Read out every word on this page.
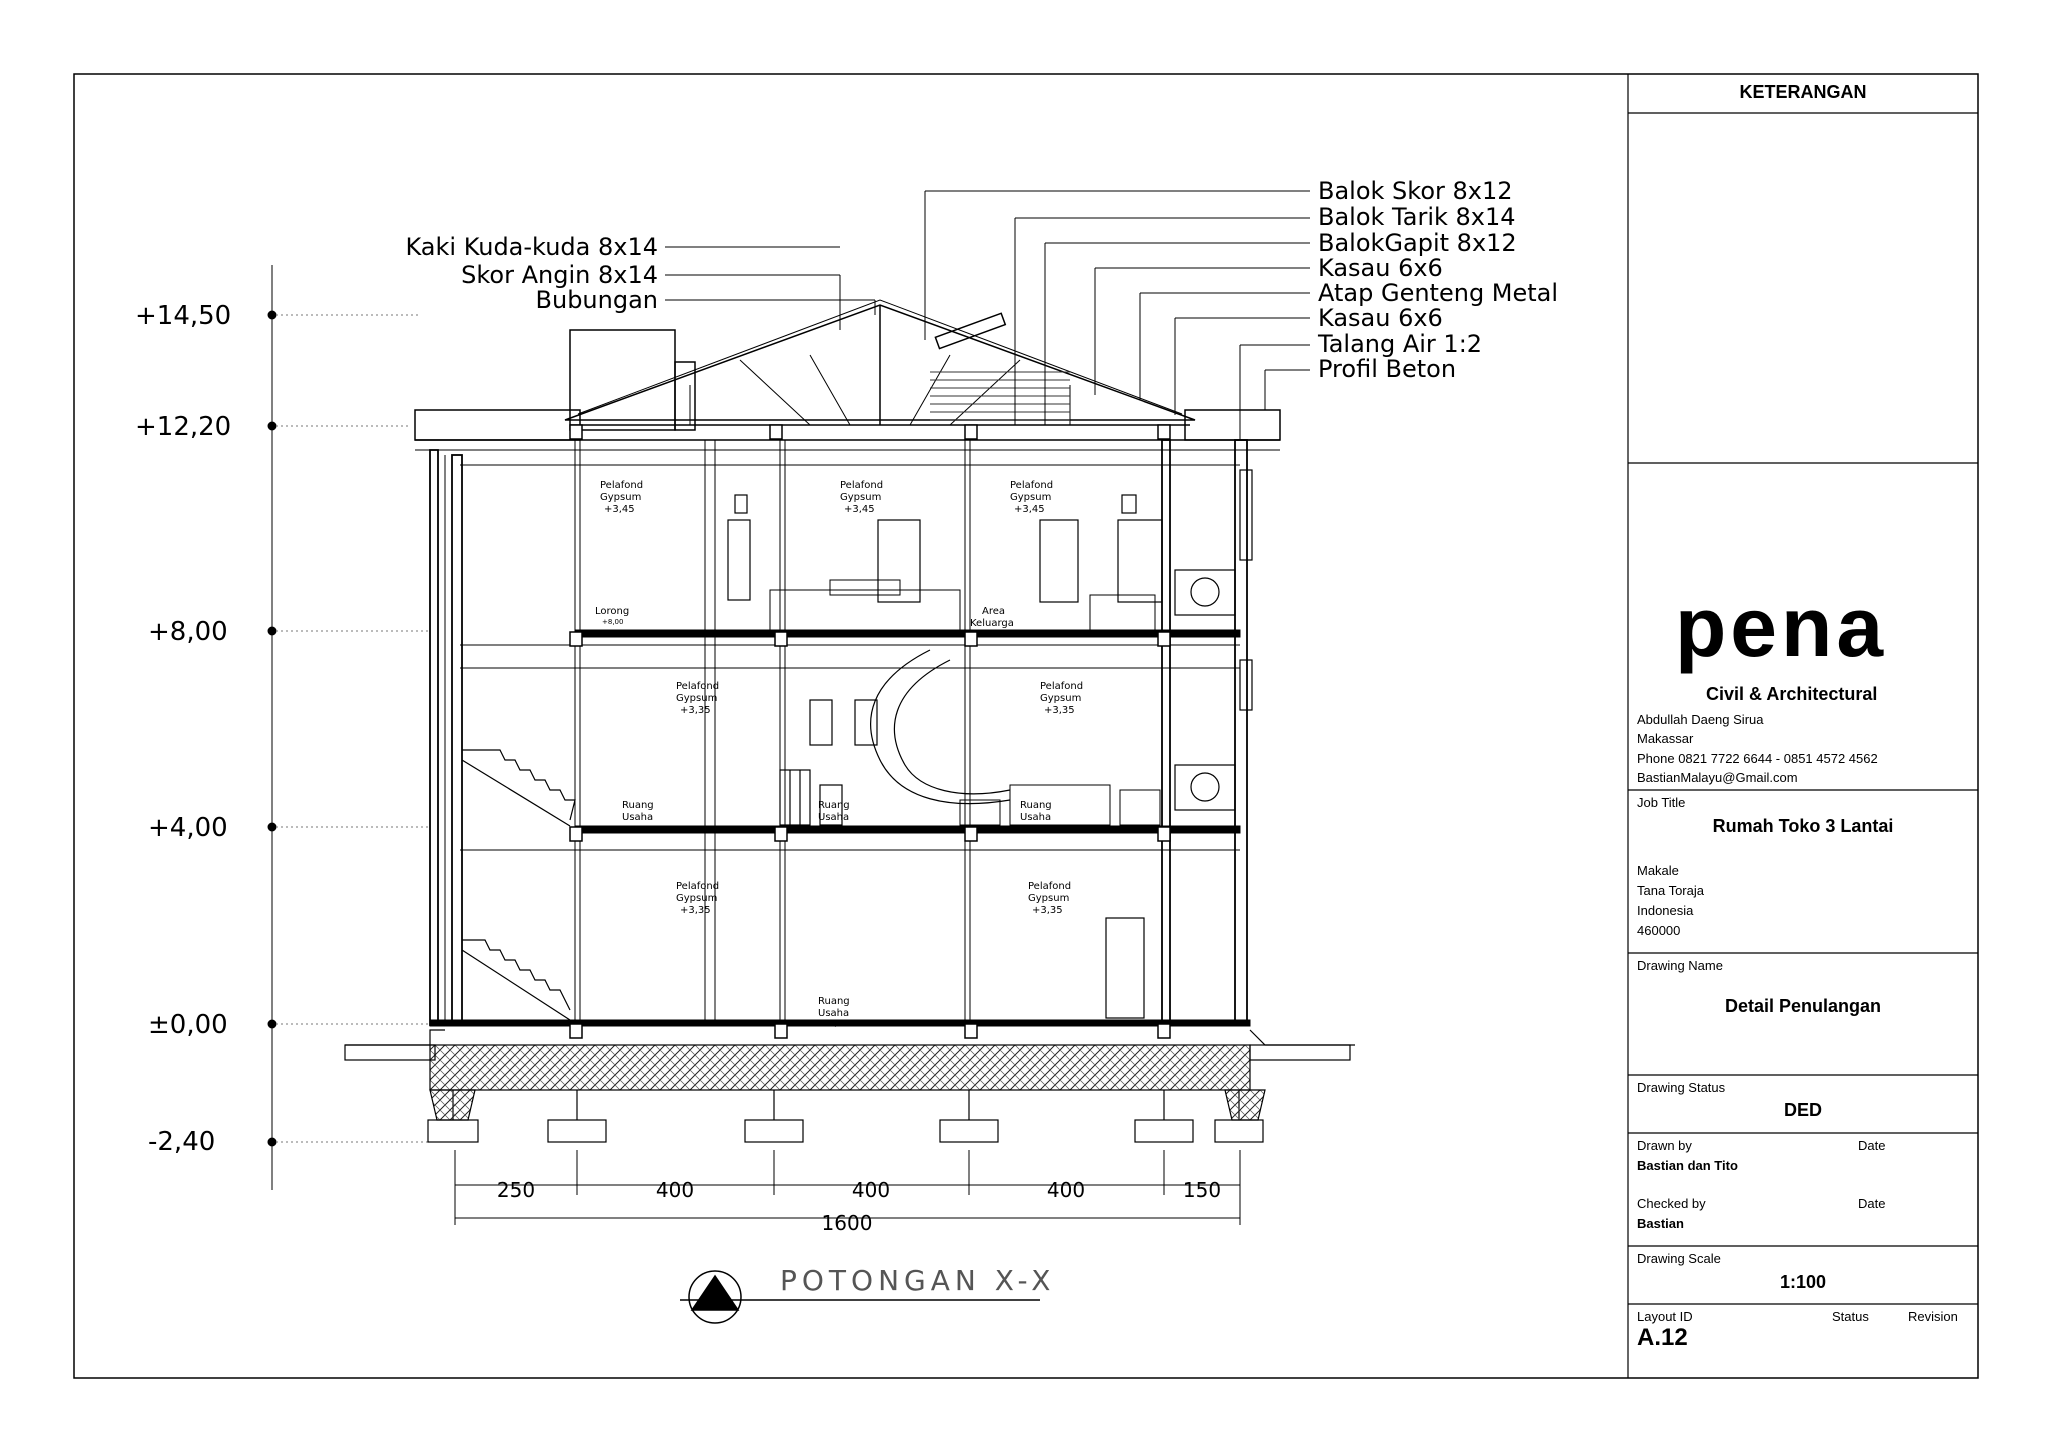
Balok Skor 8x12
Balok Tarik 8x14
BalokGapit 8x12
Kasau 6x6
Atap Genteng Metal
Kasau 6x6
Talang Air 1:2
Profil Beton
Kaki Kuda-kuda 8x14
Skor Angin 8x14
Bubungan
+14,50
+12,20
+8,00
+4,00
±0,00
-2,40
Pelafond
Gypsum
+3,45
Pelafond
Gypsum
+3,45
Pelafond
Gypsum
+3,45
Pelafond
Gypsum
+3,35
Pelafond
Gypsum
+3,35
Pelafond
Gypsum
+3,35
Pelafond
Gypsum
+3,35
Lorong
+8,00
Area
Keluarga
Ruang
Usaha
Ruang
Usaha
Ruang
Usaha
Ruang
Usaha
±0,00
250	400	400	400	150
1600
POTONGAN X-X
KETERANGAN
pena
Civil & Architectural
Abdullah Daeng Sirua
Makassar
Phone 0821 7722 6644 - 0851 4572 4562
BastianMalayu@Gmail.com
Job Title
Rumah Toko 3 Lantai
Makale
Tana Toraja
Indonesia
460000
Drawing Name
Detail Penulangan
Drawing Status
DED
Drawn by	Date
Bastian dan Tito
Checked by	Date
Bastian
Drawing Scale
1:100
Layout ID	Status	Revision
A.12
